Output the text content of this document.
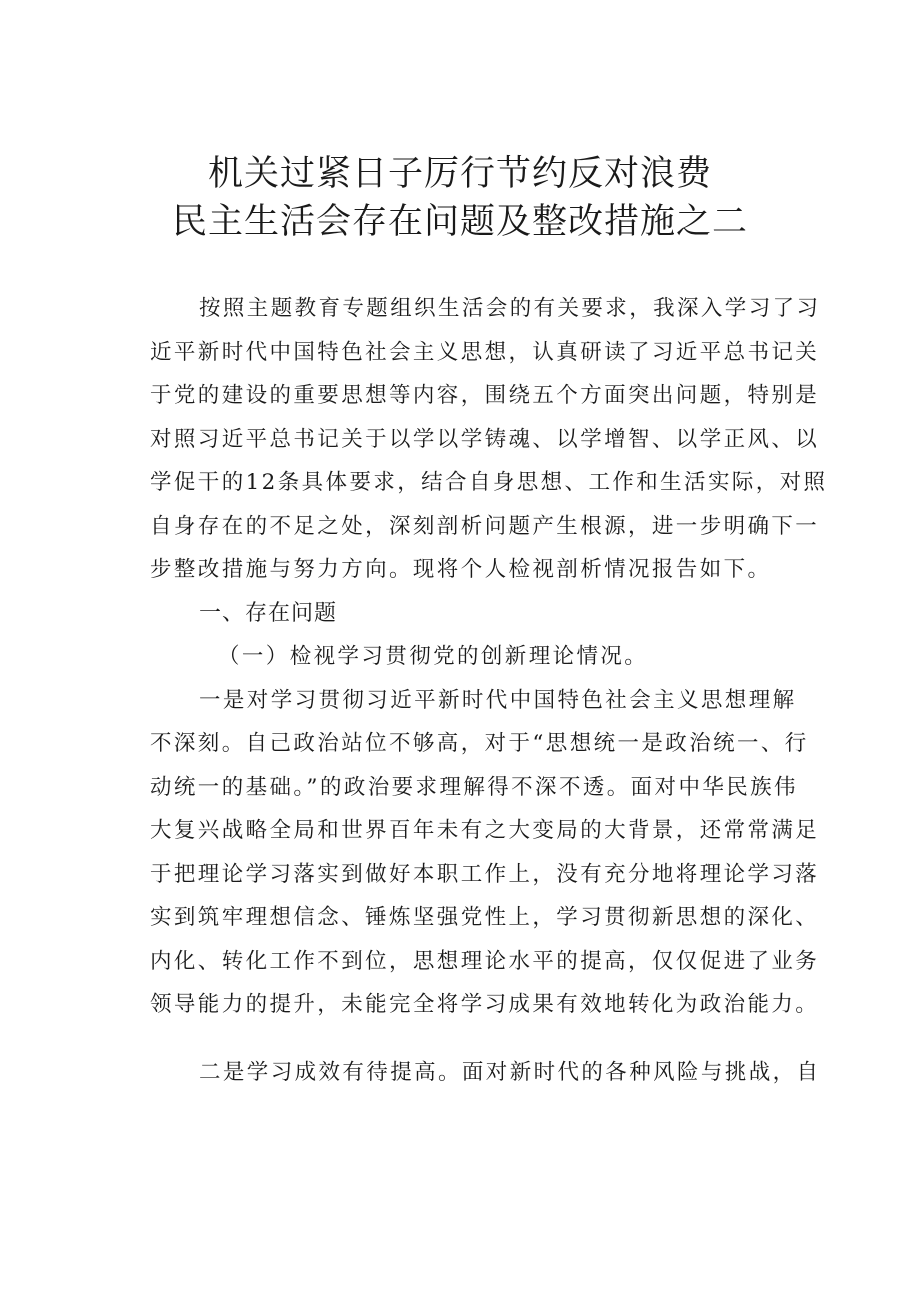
机关过紧日子厉行节约反对浪费
民主生活会存在问题及整改措施之二
按照主题教育专题组织生活会的有关要求，我深入学习了习
近平新时代中国特色社会主义思想，认真研读了习近平总书记关
于党的建设的重要思想等内容，围绕五个方面突出问题，特别是
对照习近平总书记关于以学以学铸魂、以学增智、以学正风、以
学促干的12条具体要求，结合自身思想、工作和生活实际，对照
自身存在的不足之处，深刻剖析问题产生根源，进一步明确下一
步整改措施与努力方向。现将个人检视剖析情况报告如下。
一、存在问题
（一）检视学习贯彻党的创新理论情况。
一是对学习贯彻习近平新时代中国特色社会主义思想理解
不深刻。自己政治站位不够高，对于“思想统一是政治统一、行
动统一的基础。”的政治要求理解得不深不透。面对中华民族伟
大复兴战略全局和世界百年未有之大变局的大背景，还常常满足
于把理论学习落实到做好本职工作上，没有充分地将理论学习落
实到筑牢理想信念、锤炼坚强党性上，学习贯彻新思想的深化、
内化、转化工作不到位，思想理论水平的提高，仅仅促进了业务
领导能力的提升，未能完全将学习成果有效地转化为政治能力。
二是学习成效有待提高。面对新时代的各种风险与挑战，自
